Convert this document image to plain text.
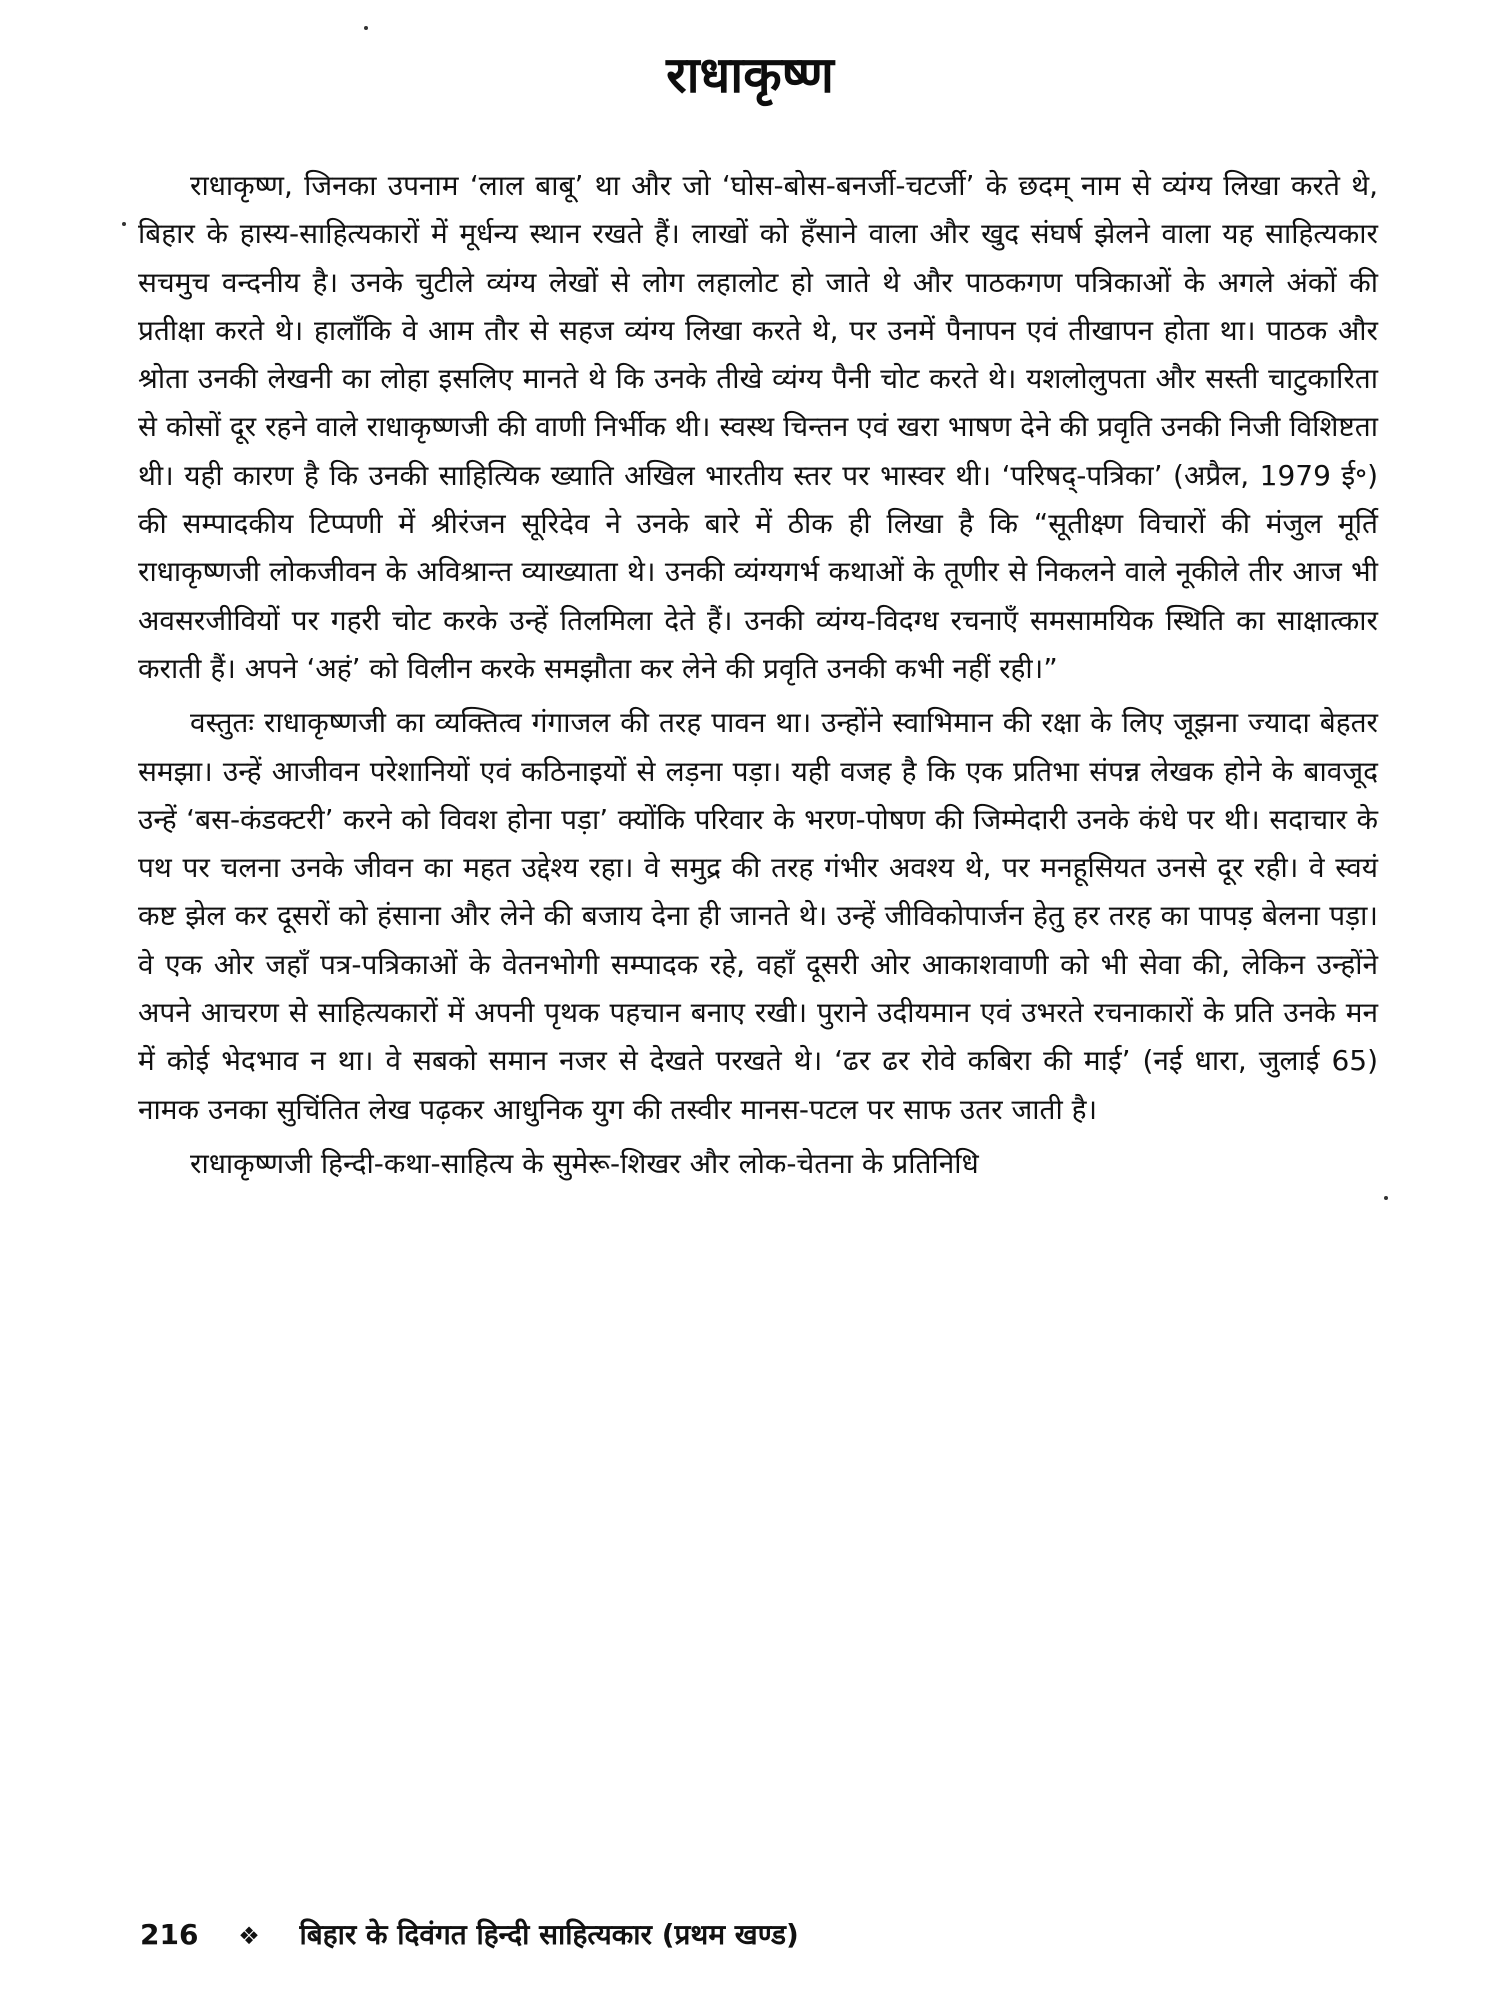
राधाकृष्ण

राधाकृष्ण, जिनका उपनाम ‘लाल बाबू’ था और जो ‘घोस-बोस-बनर्जी-चटर्जी’ के छदम् नाम से व्यंग्य लिखा करते थे, बिहार के हास्य-साहित्यकारों में मूर्धन्य स्थान रखते हैं। लाखों को हँसाने वाला और खुद संघर्ष झेलने वाला यह साहित्यकार सचमुच वन्दनीय है। उनके चुटीले व्यंग्य लेखों से लोग लहालोट हो जाते थे और पाठकगण पत्रिकाओं के अगले अंकों की प्रतीक्षा करते थे। हालाँकि वे आम तौर से सहज व्यंग्य लिखा करते थे, पर उनमें पैनापन एवं तीखापन होता था। पाठक और श्रोता उनकी लेखनी का लोहा इसलिए मानते थे कि उनके तीखे व्यंग्य पैनी चोट करते थे। यशलोलुपता और सस्ती चाटुकारिता से कोसों दूर रहने वाले राधाकृष्णजी की वाणी निर्भीक थी। स्वस्थ चिन्तन एवं खरा भाषण देने की प्रवृति उनकी निजी विशिष्टता थी। यही कारण है कि उनकी साहित्यिक ख्याति अखिल भारतीय स्तर पर भास्वर थी। ‘परिषद्-पत्रिका’ (अप्रैल, 1979 ई॰) की सम्पादकीय टिप्पणी में श्रीरंजन सूरिदेव ने उनके बारे में ठीक ही लिखा है कि “सूतीक्ष्ण विचारों की मंजुल मूर्ति राधाकृष्णजी लोकजीवन के अविश्रान्त व्याख्याता थे। उनकी व्यंग्यगर्भ कथाओं के तूणीर से निकलने वाले नूकीले तीर आज भी अवसरजीवियों पर गहरी चोट करके उन्हें तिलमिला देते हैं। उनकी व्यंग्य-विदग्ध रचनाएँ समसामयिक स्थिति का साक्षात्कार कराती हैं। अपने ‘अहं’ को विलीन करके समझौता कर लेने की प्रवृति उनकी कभी नहीं रही।”

वस्तुतः राधाकृष्णजी का व्यक्तित्व गंगाजल की तरह पावन था। उन्होंने स्वाभिमान की रक्षा के लिए जूझना ज्यादा बेहतर समझा। उन्हें आजीवन परेशानियों एवं कठिनाइयों से लड़ना पड़ा। यही वजह है कि एक प्रतिभा संपन्न लेखक होने के बावजूद उन्हें ‘बस-कंडक्टरी’ करने को विवश होना पड़ा’ क्योंकि परिवार के भरण-पोषण की जिम्मेदारी उनके कंधे पर थी। सदाचार के पथ पर चलना उनके जीवन का महत उद्देश्य रहा। वे समुद्र की तरह गंभीर अवश्य थे, पर मनहूसियत उनसे दूर रही। वे स्वयं कष्ट झेल कर दूसरों को हंसाना और लेने की बजाय देना ही जानते थे। उन्हें जीविकोपार्जन हेतु हर तरह का पापड़ बेलना पड़ा। वे एक ओर जहाँ पत्र-पत्रिकाओं के वेतनभोगी सम्पादक रहे, वहाँ दूसरी ओर आकाशवाणी को भी सेवा की, लेकिन उन्होंने अपने आचरण से साहित्यकारों में अपनी पृथक पहचान बनाए रखी। पुराने उदीयमान एवं उभरते रचनाकारों के प्रति उनके मन में कोई भेदभाव न था। वे सबको समान नजर से देखते परखते थे। ‘ढर ढर रोवे कबिरा की माई’ (नई धारा, जुलाई 65) नामक उनका सुचिंतित लेख पढ़कर आधुनिक युग की तस्वीर मानस-पटल पर साफ उतर जाती है।

राधाकृष्णजी हिन्दी-कथा-साहित्य के सुमेरू-शिखर और लोक-चेतना के प्रतिनिधि

216 ❖ बिहार के दिवंगत हिन्दी साहित्यकार (प्रथम खण्ड)
